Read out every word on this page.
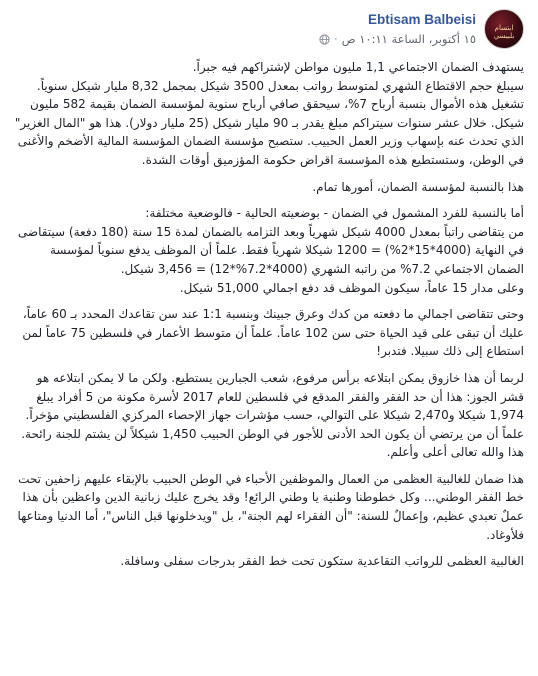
ابتسام بلبيسي
Ebtisam Balbeisi
١٥ أكتوبر، الساعة ١٠:١١ ص
·

يستهدف الضمان الاجتماعي 1,1 مليون مواطن لإشتراكهم فيه جبراً.
سيبلغ حجم الاقتطاع الشهري لمتوسط رواتب بمعدل 3500 شيكل بمجمل 8,32 مليار شيكل سنوياً.
تشغيل هذه الأموال بنسبة أرباح 7%، سيحقق صافي أرباح سنوية لمؤسسة الضمان بقيمة 582 مليون شيكل. خلال عشر سنوات سيتراكم مبلغ يقدر بـ 90 مليار شيكل (25 مليار دولار). هذا هو "المال الغزير" الذي تحدث عنه بإسهاب وزير العمل الحبيب. ستصبح مؤسسة الضمان المؤسسة المالية الأضخم والأغنى في الوطن، وستستطيع هذه المؤسسة اقراض حكومة المؤزميق أوقات الشدة.

هذا بالنسبة لمؤسسة الضمان، أمورها تمام.

أما بالنسبة للفرد المشمول في الضمان - بوضعيته الحالية - فالوضعية مختلفة:
من يتقاضى راتباً بمعدل 4000 شيكل شهرياً وبعد التزامه بالضمان لمدة 15 سنة (180 دفعة) سيتقاضى في النهاية (4000*15*2%) = 1200 شيكلا شهرياً فقط. علماً أن الموظف يدفع سنوياً لمؤسسة الضمان الاجتماعي 7.2% من راتبه الشهري (4000*7.2%*12) = 3,456 شيكل.
وعلى مدار 15 عاماً، سيكون الموظف قد دفع اجمالي 51,000 شيكل.

وحتى تتقاضى اجمالي ما دفعته من كدك وعرق جبينك وبنسبة 1:1 عند سن تقاعدك المحدد بـ 60 عاماً، عليك أن تبقى على قيد الحياة حتى سن 102 عاماً. علماً أن متوسط الأعمار في فلسطين 75 عاماً لمن استطاع إلى ذلك سبيلا. فتدبر!

لربما أن هذا خازوق يمكن ابتلاعه برأس مرفوع، شعب الجبارين يستطيع. ولكن ما لا يمكن ابتلاعه هو قشر الجوز: هذا أن حد الفقر والفقر المدقع في فلسطين للعام 2017 لأسرة مكونة من 5 أفراد يبلغ 1,974 شيكلا و2,470 شيكلا على التوالي، حسب مؤشرات جهاز الإحصاء المركزي الفلسطيني مؤخراً.
علماً أن من يرتضي أن يكون الحد الأدنى للأجور في الوطن الحبيب 1,450 شيكلاً لن يشتم للجنة رائحة. هذا والله تعالى أعلى وأعلم.

هذا ضمان للغالبية العظمى من العمال والموظفين الأحباء في الوطن الحبيب بالإبقاء عليهم زاحفين تحت خط الفقر الوطني... وكل خطوطنا وطنية يا وطني الرائع! وقد يخرج عليك زبانية الدين واعظين بأن هذا عملٌ تعبدي عظيم، وإعمالٌ للسنة: "أن الفقراء لهم الجنة"، بل "ويدخلونها قبل الناس"، أما الدنيا ومتاعها فلأوغاد.

الغالبية العظمى للرواتب التقاعدية ستكون تحت خط الفقر بدرجات سفلى وسافلة.
